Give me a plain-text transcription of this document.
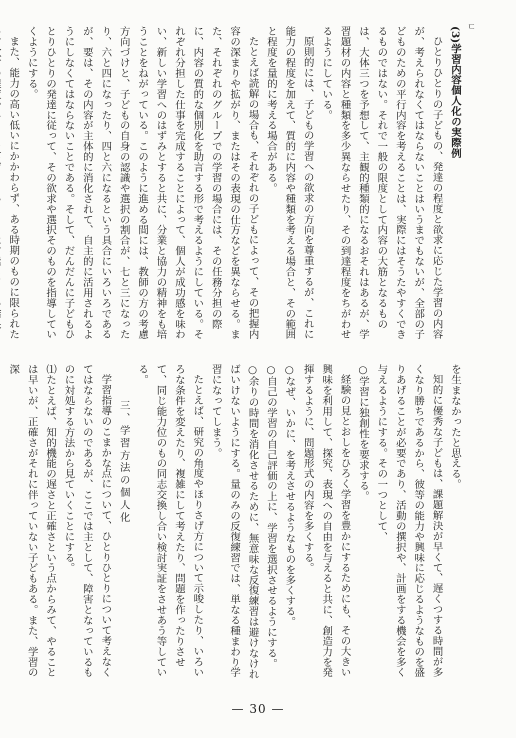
ㄷ

(3)学習内容個人化の実際例

ひとりひとりの子どもの、発達の程度と欲求に応じた学習の内容が、考えられなくてはならないことはいうまでもないが、全部の子どものための平行内容を考えることは、実際にはそうたやすくできるものではない。それで一般の限度として内容の大筋となるものは、大体三つを予想して、主観的種類的になるおそれはあるが、学習題材の内容と種類を多少異ならせたり、その到達程度をちがわせるようにしている。

原則的には、子どもの学習への欲求の方向を尊重するが、これに能力の程度を加えて、質的に内容や種類を考える場合と、その範囲と程度を量的に考える場合がある。

たとえば読解の場合も、それぞれの子どもによって、その把握内容の深まりや拡がり、またはその表現の仕方などを異ならせる。また、それぞれのグループでの学習の場合には、その任務分担の際に、内容の質的な個別化を助言する形で考えるようにしている。それぞれ分担した仕事を完成することによって、個人が成功感を味わい、新しい学習へのはずみとすると共に、分業と協力の精神をも培うことをねがっている。このように進める間には、教師の方の考慮方向づけと、子どもの自身の認識や選択の割合が、七と三になったり、六と四になったり、四と六になるという具合にいろいろであるが、要は、その内容が主体的に消化されて、自主的に活用されるようにしなくてはならないことである。そして、だんだんに子どもひとりひとりの発達に従って、その欲求や選択そのものを指導していくようにする。

また、能力の高い低いにかかわらず、ある時期のものに限られた

を生まなかったと思える。

知的に優秀な子どもは、課題解決が早くて、遅くつする時間が多くなり勝ちであるから、彼等の能力や興味に応じるようなものを盛りあげることが必要であり、活動の撰択や、計画をする機会を多く与えるようにする。その一つとして、

○学習に独創性を要求する。

経験の見とおしをひろく学習を豊かにするためにも、その大きい興味を利用して、探究、表現への自由を与えると共に、創造力を発揮するように、問題形式の内容を多くする。

○なぜ、いかに、を考えさせるようなものを多くする。

○自己の学習の自己評価の上に、学習を選択させるようにする。

○余りの時間を消化させるために、無意味な反復練習は避けなければいけないようにする。量のみの反復練習では、単なる種まわり学習になってしまう。

たとえば、研究の角度やほりさげ方について示唆したり、いろいろな条件を変えたり、複雑にして考えたり、問題を作ったりさせて、同じ能力位のもの同志交換し合い検討実証をさせあう等している。

三、学習方法の個人化

学習指導のこまかな点について、ひとりひとりについて考えなくてはならないのであるが、ここでは主として、障害となっているものに対処する方法から見ていくことにする。

⑴たとえば、知的機能の遅さと正確さという点からみて、やることは早いが、正確さがそれに伴っていない子どもある。また、学習の深

— 30 —
